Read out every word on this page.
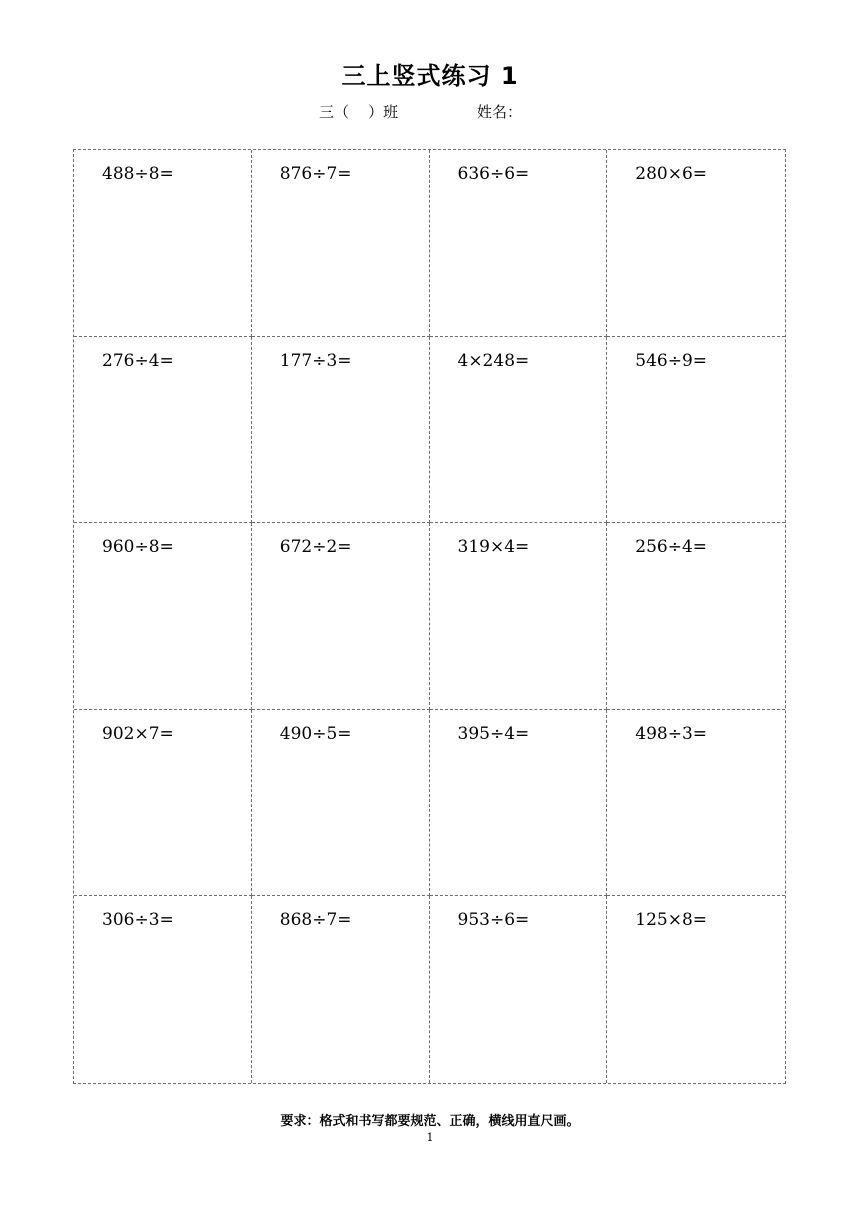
三上竖式练习 1
三（    ）班	姓名：
488÷8=	876÷7=	636÷6=	280×6=
276÷4=	177÷3=	4×248=	546÷9=
960÷8=	672÷2=	319×4=	256÷4=
902×7=	490÷5=	395÷4=	498÷3=
306÷3=	868÷7=	953÷6=	125×8=
要求：格式和书写都要规范、正确，横线用直尺画。
1
